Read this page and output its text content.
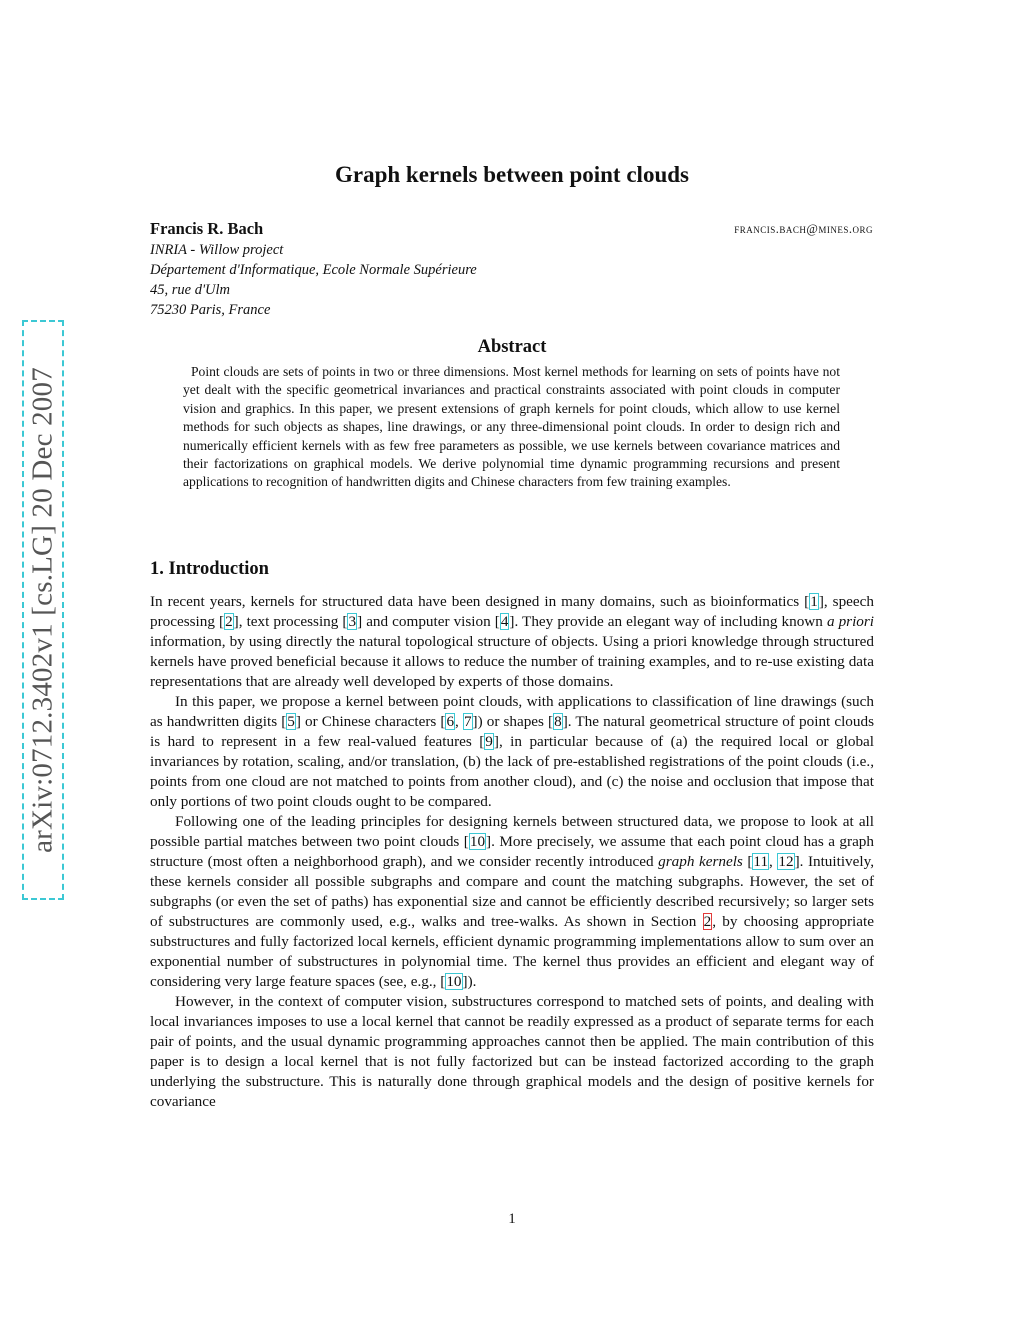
arXiv:0712.3402v1 [cs.LG] 20 Dec 2007
Graph kernels between point clouds
Francis R. Bach	francis.bach@mines.org
INRIA - Willow project
Département d'Informatique, Ecole Normale Supérieure
45, rue d'Ulm
75230 Paris, France
Abstract
Point clouds are sets of points in two or three dimensions. Most kernel methods for learning on sets of points have not yet dealt with the specific geometrical invariances and practical constraints associated with point clouds in computer vision and graphics. In this paper, we present extensions of graph kernels for point clouds, which allow to use kernel methods for such objects as shapes, line drawings, or any three-dimensional point clouds. In order to design rich and numerically efficient kernels with as few free parameters as possible, we use kernels between covariance matrices and their factorizations on graphical models. We derive polynomial time dynamic programming recursions and present applications to recognition of handwritten digits and Chinese characters from few training examples.
1. Introduction

In recent years, kernels for structured data have been designed in many domains, such as bioinformatics [1], speech processing [2], text processing [3] and computer vision [4]. They provide an elegant way of including known a priori information, by using directly the natural topological structure of objects. Using a priori knowledge through structured kernels have proved beneficial because it allows to reduce the number of training examples, and to re-use existing data representations that are already well developed by experts of those domains.

In this paper, we propose a kernel between point clouds, with applications to classification of line drawings (such as handwritten digits [5] or Chinese characters [6, 7]) or shapes [8]. The natural geometrical structure of point clouds is hard to represent in a few real-valued features [9], in particular because of (a) the required local or global invariances by rotation, scaling, and/or translation, (b) the lack of pre-established registrations of the point clouds (i.e., points from one cloud are not matched to points from another cloud), and (c) the noise and occlusion that impose that only portions of two point clouds ought to be compared.

Following one of the leading principles for designing kernels between structured data, we propose to look at all possible partial matches between two point clouds [10]. More precisely, we assume that each point cloud has a graph structure (most often a neighborhood graph), and we consider recently introduced graph kernels [11, 12]. Intuitively, these kernels consider all possible subgraphs and compare and count the matching subgraphs. However, the set of subgraphs (or even the set of paths) has exponential size and cannot be efficiently described recursively; so larger sets of substructures are commonly used, e.g., walks and tree-walks. As shown in Section 2, by choosing appropriate substructures and fully factorized local kernels, efficient dynamic programming implementations allow to sum over an exponential number of substructures in polynomial time. The kernel thus provides an efficient and elegant way of considering very large feature spaces (see, e.g., [10]).

However, in the context of computer vision, substructures correspond to matched sets of points, and dealing with local invariances imposes to use a local kernel that cannot be readily expressed as a product of separate terms for each pair of points, and the usual dynamic programming approaches cannot then be applied. The main contribution of this paper is to design a local kernel that is not fully factorized but can be instead factorized according to the graph underlying the substructure. This is naturally done through graphical models and the design of positive kernels for covariance

1
